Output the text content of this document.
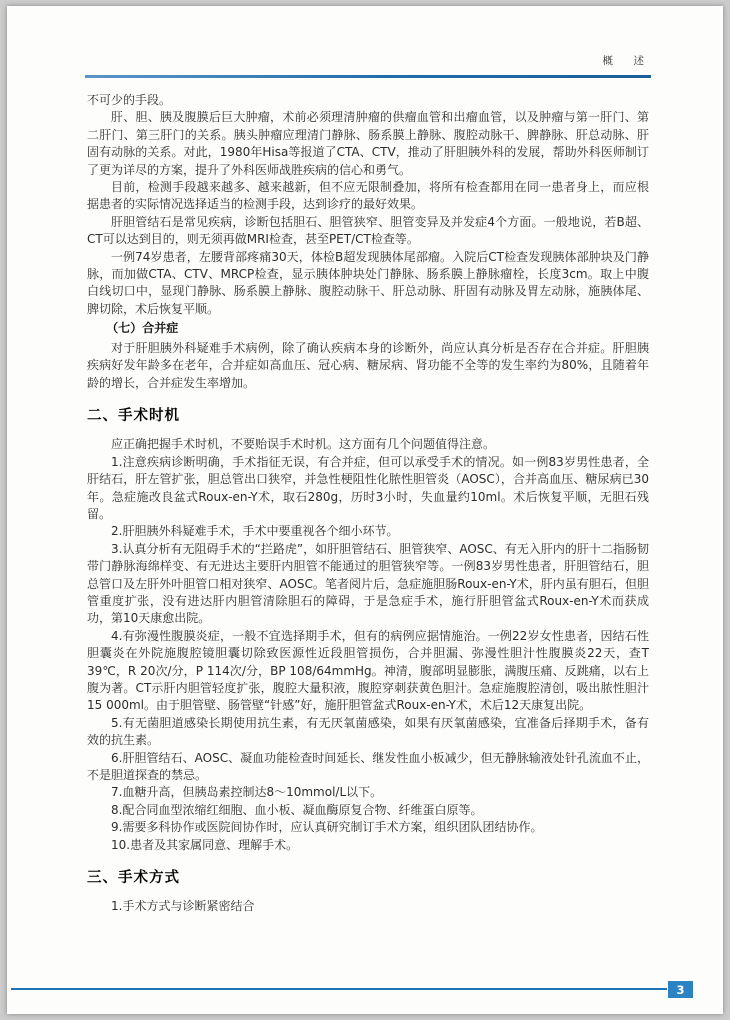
概　述
不可少的手段。
肝、胆、胰及腹膜后巨大肿瘤，术前必须理清肿瘤的供瘤血管和出瘤血管，以及肿瘤与第一肝门、第二肝门、第三肝门的关系。胰头肿瘤应理清门静脉、肠系膜上静脉、腹腔动脉干、脾静脉、肝总动脉、肝固有动脉的关系。对此，1980年Hisa等报道了CTA、CTV，推动了肝胆胰外科的发展，帮助外科医师制订了更为详尽的方案，提升了外科医师战胜疾病的信心和勇气。
目前，检测手段越来越多、越来越新，但不应无限制叠加，将所有检查都用在同一患者身上，而应根据患者的实际情况选择适当的检测手段，达到诊疗的最好效果。
肝胆管结石是常见疾病，诊断包括胆石、胆管狭窄、胆管变异及并发症4个方面。一般地说，若B超、CT可以达到目的，则无须再做MRI检查，甚至PET/CT检查等。
一例74岁患者，左腰背部疼痛30天，体检B超发现胰体尾部瘤。入院后CT检查发现胰体部肿块及门静脉，而加做CTA、CTV、MRCP检查，显示胰体肿块处门静脉、肠系膜上静脉瘤栓，长度3cm。取上中腹白线切口中，显现门静脉、肠系膜上静脉、腹腔动脉干、肝总动脉、肝固有动脉及胃左动脉，施胰体尾、脾切除，术后恢复平顺。
（七）合并症
对于肝胆胰外科疑难手术病例，除了确认疾病本身的诊断外，尚应认真分析是否存在合并症。肝胆胰疾病好发年龄多在老年，合并症如高血压、冠心病、糖尿病、肾功能不全等的发生率约为80%，且随着年龄的增长，合并症发生率增加。
二、手术时机
应正确把握手术时机，不要贻误手术时机。这方面有几个问题值得注意。
1.注意疾病诊断明确，手术指征无误，有合并症，但可以承受手术的情况。如一例83岁男性患者，全肝结石，肝左管扩张，胆总管出口狭窄，并急性梗阻性化脓性胆管炎（AOSC），合并高血压、糖尿病已30年。急症施改良盆式Roux-en-Y术，取石280g，历时3小时，失血量约10ml。术后恢复平顺，无胆石残留。
2.肝胆胰外科疑难手术，手术中要重视各个细小环节。
3.认真分析有无阻碍手术的“拦路虎”，如肝胆管结石、胆管狭窄、AOSC、有无入肝内的肝十二指肠韧带门静脉海绵样变、有无进达主要肝内胆管不能通过的胆管狭窄等。一例83岁男性患者，肝胆管结石，胆总管口及左肝外叶胆管口相对狭窄、AOSC。笔者阅片后，急症施胆肠Roux-en-Y术，肝内虽有胆石，但胆管重度扩张，没有进达肝内胆管清除胆石的障碍，于是急症手术，施行肝胆管盆式Roux-en-Y术而获成功，第10天康愈出院。
4.有弥漫性腹膜炎症，一般不宜选择期手术，但有的病例应据情施治。一例22岁女性患者，因结石性胆囊炎在外院施腹腔镜胆囊切除致医源性近段胆管损伤，合并胆漏、弥漫性胆汁性腹膜炎22天，查T 39℃，R 20次/分，P 114次/分，BP 108/64mmHg。神清，腹部明显膨胀，满腹压痛、反跳痛，以右上腹为著。CT示肝内胆管轻度扩张，腹腔大量积液，腹腔穿刺获黄色胆汁。急症施腹腔清创，吸出脓性胆汁15 000ml。由于胆管壁、肠管壁“针感”好，施肝胆管盆式Roux-en-Y术，术后12天康复出院。
5.有无菌胆道感染长期使用抗生素，有无厌氧菌感染，如果有厌氧菌感染，宜准备后择期手术，备有效的抗生素。
6.肝胆管结石、AOSC、凝血功能检查时间延长、继发性血小板减少，但无静脉输液处针孔流血不止，不是胆道探查的禁忌。
7.血糖升高，但胰岛素控制达8～10mmol/L以下。
8.配合同血型浓缩红细胞、血小板、凝血酶原复合物、纤维蛋白原等。
9.需要多科协作或医院间协作时，应认真研究制订手术方案，组织团队团结协作。
10.患者及其家属同意、理解手术。
三、手术方式
1.手术方式与诊断紧密结合
3
